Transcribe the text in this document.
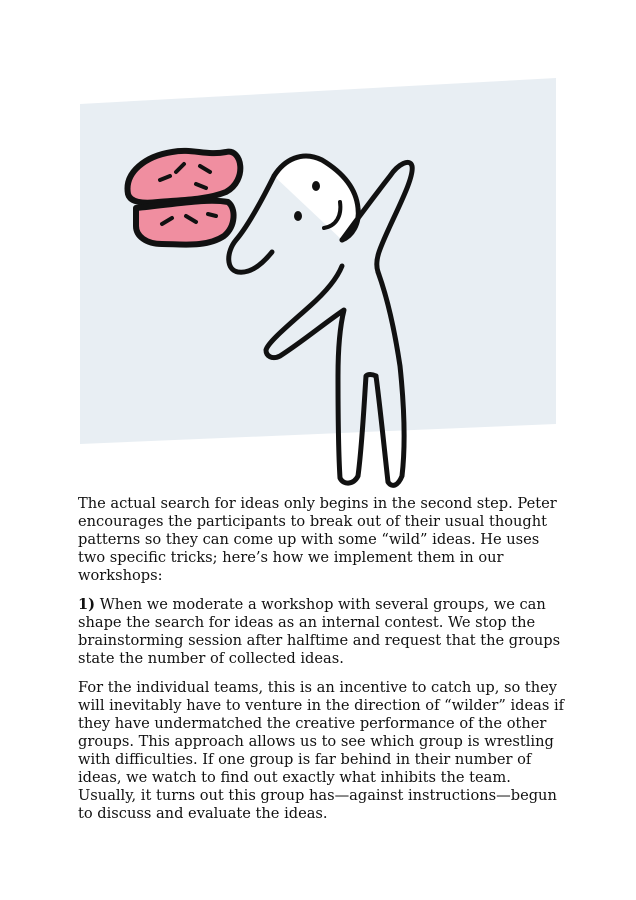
The actual search for ideas only begins in the second step. Peter encourages the participants to break out of their usual thought patterns so they can come up with some “wild” ideas. He uses two specific tricks; here’s how we implement them in our workshops:

1) When we moderate a workshop with several groups, we can shape the search for ideas as an internal contest. We stop the brainstorming session after halftime and request that the groups state the number of collected ideas.

For the individual teams, this is an incentive to catch up, so they will inevitably have to venture in the direction of “wilder” ideas if they have undermatched the creative performance of the other groups. This approach allows us to see which group is wrestling with difficulties. If one group is far behind in their number of ideas, we watch to find out exactly what inhibits the team. Usually, it turns out this group has—against instructions—begun to discuss and evaluate the ideas.
